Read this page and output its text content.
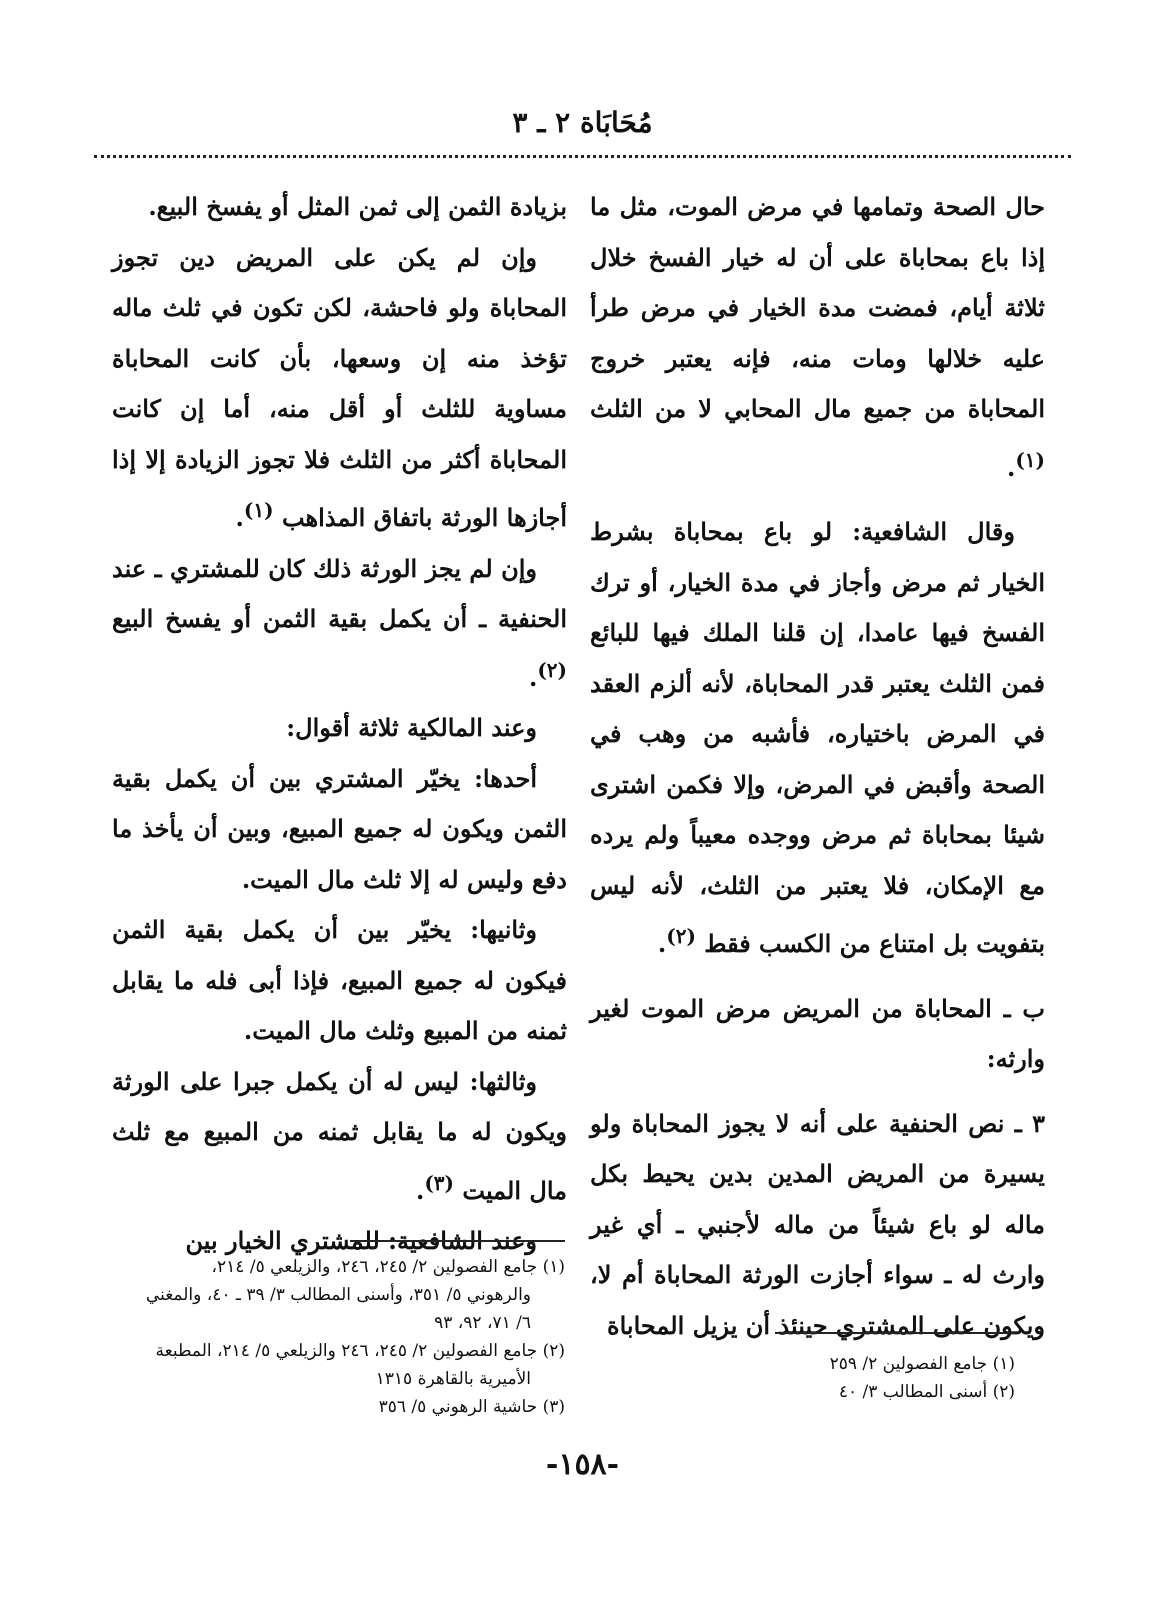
مُحَابَاة ٢ ـ ٣

حال الصحة وتمامها في مرض الموت، مثل ما إذا باع بمحاباة على أن له خيار الفسخ خلال ثلاثة أيام، فمضت مدة الخيار في مرض طرأ عليه خلالها ومات منه، فإنه يعتبر خروج المحاباة من جميع مال المحابي لا من الثلث $^{(١)}$.

وقال الشافعية: لو باع بمحاباة بشرط الخيار ثم مرض وأجاز في مدة الخيار، أو ترك الفسخ فيها عامدا، إن قلنا الملك فيها للبائع فمن الثلث يعتبر قدر المحاباة، لأنه ألزم العقد في المرض باختياره، فأشبه من وهب في الصحة وأقبض في المرض، وإلا فكمن اشترى شيئا بمحاباة ثم مرض ووجده معيباً ولم يرده مع الإمكان، فلا يعتبر من الثلث، لأنه ليس بتفويت بل امتناع من الكسب فقط $^{(٢)}$.

ب ـ المحاباة من المريض مرض الموت لغير وارثه:

٣ ـ نص الحنفية على أنه لا يجوز المحاباة ولو يسيرة من المريض المدين بدين يحيط بكل ماله لو باع شيئاً من ماله لأجنبي ـ أي غير وارث له ـ سواء أجازت الورثة المحاباة أم لا، ويكون على المشتري حينئذ أن يزيل المحاباة

بزيادة الثمن إلى ثمن المثل أو يفسخ البيع.

وإن لم يكن على المريض دين تجوز المحاباة ولو فاحشة، لكن تكون في ثلث ماله تؤخذ منه إن وسعها، بأن كانت المحاباة مساوية للثلث أو أقل منه، أما إن كانت المحاباة أكثر من الثلث فلا تجوز الزيادة إلا إذا أجازها الورثة باتفاق المذاهب $^{(١)}$.

وإن لم يجز الورثة ذلك كان للمشتري ـ عند الحنفية ـ أن يكمل بقية الثمن أو يفسخ البيع $^{(٢)}$.

وعند المالكية ثلاثة أقوال:

أحدها: يخيّر المشتري بين أن يكمل بقية الثمن ويكون له جميع المبيع، وبين أن يأخذ ما دفع وليس له إلا ثلث مال الميت.

وثانيها: يخيّر بين أن يكمل بقية الثمن فيكون له جميع المبيع، فإذا أبى فله ما يقابل ثمنه من المبيع وثلث مال الميت.

وثالثها: ليس له أن يكمل جبرا على الورثة ويكون له ما يقابل ثمنه من المبيع مع ثلث مال الميت $^{(٣)}$.

وعند الشافعية: للمشتري الخيار بين

(١) جامع الفصولين ٢/ ٢٤٥، ٢٤٦، والزيلعي ٥/ ٢١٤،

والرهوني ٥/ ٣٥١، وأسنى المطالب ٣/ ٣٩ ـ ٤٠، والمغني

٦/ ٧١، ٩٢، ٩٣

(٢) جامع الفصولين ٢/ ٢٤٥، ٢٤٦ والزيلعي ٥/ ٢١٤، المطبعة

الأميرية بالقاهرة ١٣١٥

(٣) حاشية الرهوني ٥/ ٣٥٦

(١) جامع الفصولين ٢/ ٢٥٩

(٢) أسنى المطالب ٣/ ٤٠

-١٥٨-
